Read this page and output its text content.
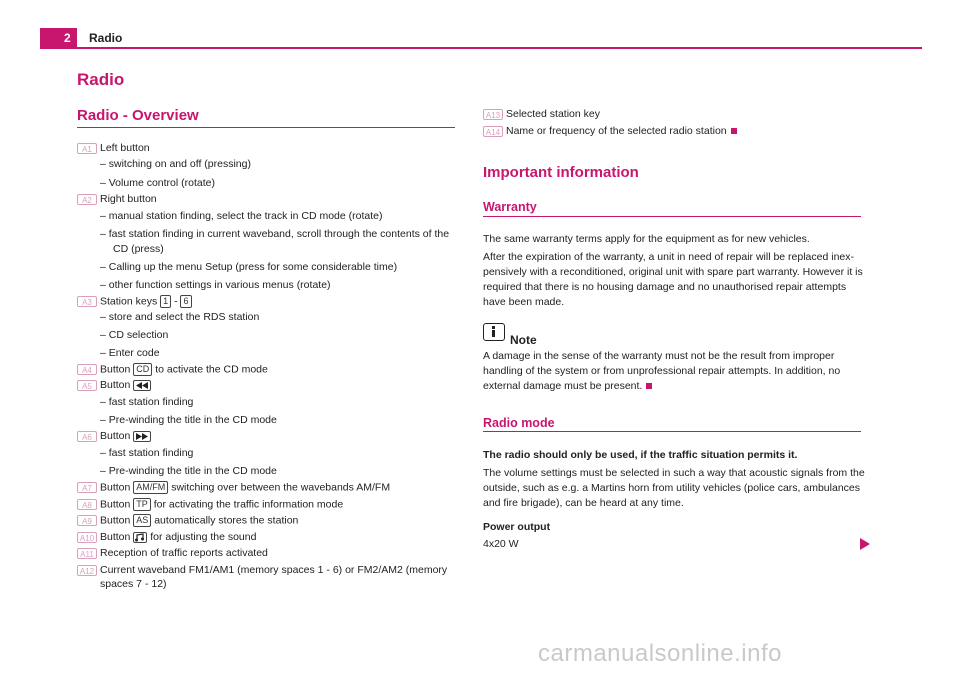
2 Radio
Radio
Radio - Overview
A1 Left button
– switching on and off (pressing)
– Volume control (rotate)
A2 Right button
– manual station finding, select the track in CD mode (rotate)
– fast station finding in current waveband, scroll through the contents of the
CD (press)
– Calling up the menu Setup (press for some considerable time)
– other function settings in various menus (rotate)
A3 Station keys 1 - 6
– store and select the RDS station
– CD selection
– Enter code
A4 Button CD to activate the CD mode
A5 Button
– fast station finding
– Pre-winding the title in the CD mode
A6 Button
– fast station finding
– Pre-winding the title in the CD mode
A7 Button AM/FM switching over between the wavebands AM/FM
A8 Button TP for activating the traffic information mode
A9 Button AS automatically stores the station
A10 Button for adjusting the sound
A11 Reception of traffic reports activated
A12 Current waveband FM1/AM1 (memory spaces 1 - 6) or FM2/AM2 (memory
spaces 7 - 12)
A13 Selected station key
A14 Name or frequency of the selected radio station
Important information
Warranty
The same warranty terms apply for the equipment as for new vehicles.
After the expiration of the warranty, a unit in need of repair will be replaced inex-
pensively with a reconditioned, original unit with spare part warranty. However it is
required that there is no housing damage and no unauthorised repair attempts
have been made.
Note
A damage in the sense of the warranty must not be the result from improper
handling of the system or from unprofessional repair attempts. In addition, no
external damage must be present.
Radio mode
The radio should only be used, if the traffic situation permits it.
The volume settings must be selected in such a way that acoustic signals from the
outside, such as e.g. a Martins horn from utility vehicles (police cars, ambulances
and fire brigade), can be heard at any time.
Power output
4x20 W
carmanualsonline.info
